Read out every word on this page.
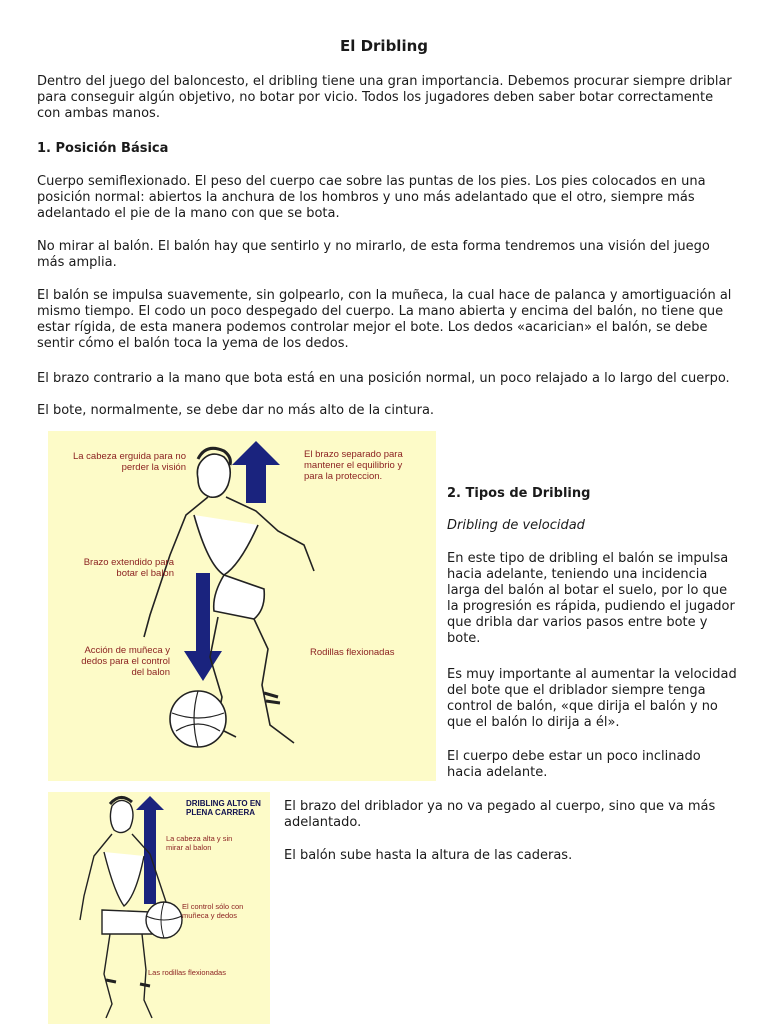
El Dribling

Dentro del juego del baloncesto, el dribling tiene una gran importancia. Debemos procurar siempre driblar para conseguir algún objetivo, no botar por vicio. Todos los jugadores deben saber botar correctamente con ambas manos.

1. Posición Básica

Cuerpo semiflexionado. El peso del cuerpo cae sobre las puntas de los pies. Los pies colocados en una posición normal: abiertos la anchura de los hombros y uno más adelantado que el otro, siempre más adelantado el pie de la mano con que se bota.

No mirar al balón. El balón hay que sentirlo y no mirarlo, de esta forma tendremos una visión del juego más amplia.

El balón se impulsa suavemente, sin golpearlo, con la muñeca, la cual hace de palanca y amortiguación al mismo tiempo. El codo un poco despegado del cuerpo. La mano abierta y encima del balón, no tiene que estar rígida, de esta manera podemos controlar mejor el bote. Los dedos «acarician» el balón, se debe sentir cómo el balón toca la yema de los dedos.

El brazo contrario a la mano que bota está en una posición normal, un poco relajado a lo largo del cuerpo.

El bote, normalmente, se debe dar no más alto de la cintura.

La cabeza erguida para no perder la visión
El brazo separado para mantener el equilibrio y para la proteccion.
Brazo extendido para botar el balon
Acción de muñeca y dedos para el control del balon
Rodillas flexionadas

2. Tipos de Dribling

Dribling de velocidad

En este tipo de dribling el balón se impulsa hacia adelante, teniendo una incidencia larga del balón al botar el suelo, por lo que la progresión es rápida, pudiendo el jugador que dribla dar varios pasos entre bote y bote.

Es muy importante al aumentar la velocidad del bote que el driblador siempre tenga control de balón, «que dirija el balón y no que el balón lo dirija a él».

El cuerpo debe estar un poco inclinado hacia adelante.

DRIBLING ALTO EN PLENA CARRERA
La cabeza alta y sin mirar al balon
El control sólo con muñeca y dedos
Las rodillas flexionadas

El brazo del driblador ya no va pegado al cuerpo, sino que va más adelantado.

El balón sube hasta la altura de las caderas.
